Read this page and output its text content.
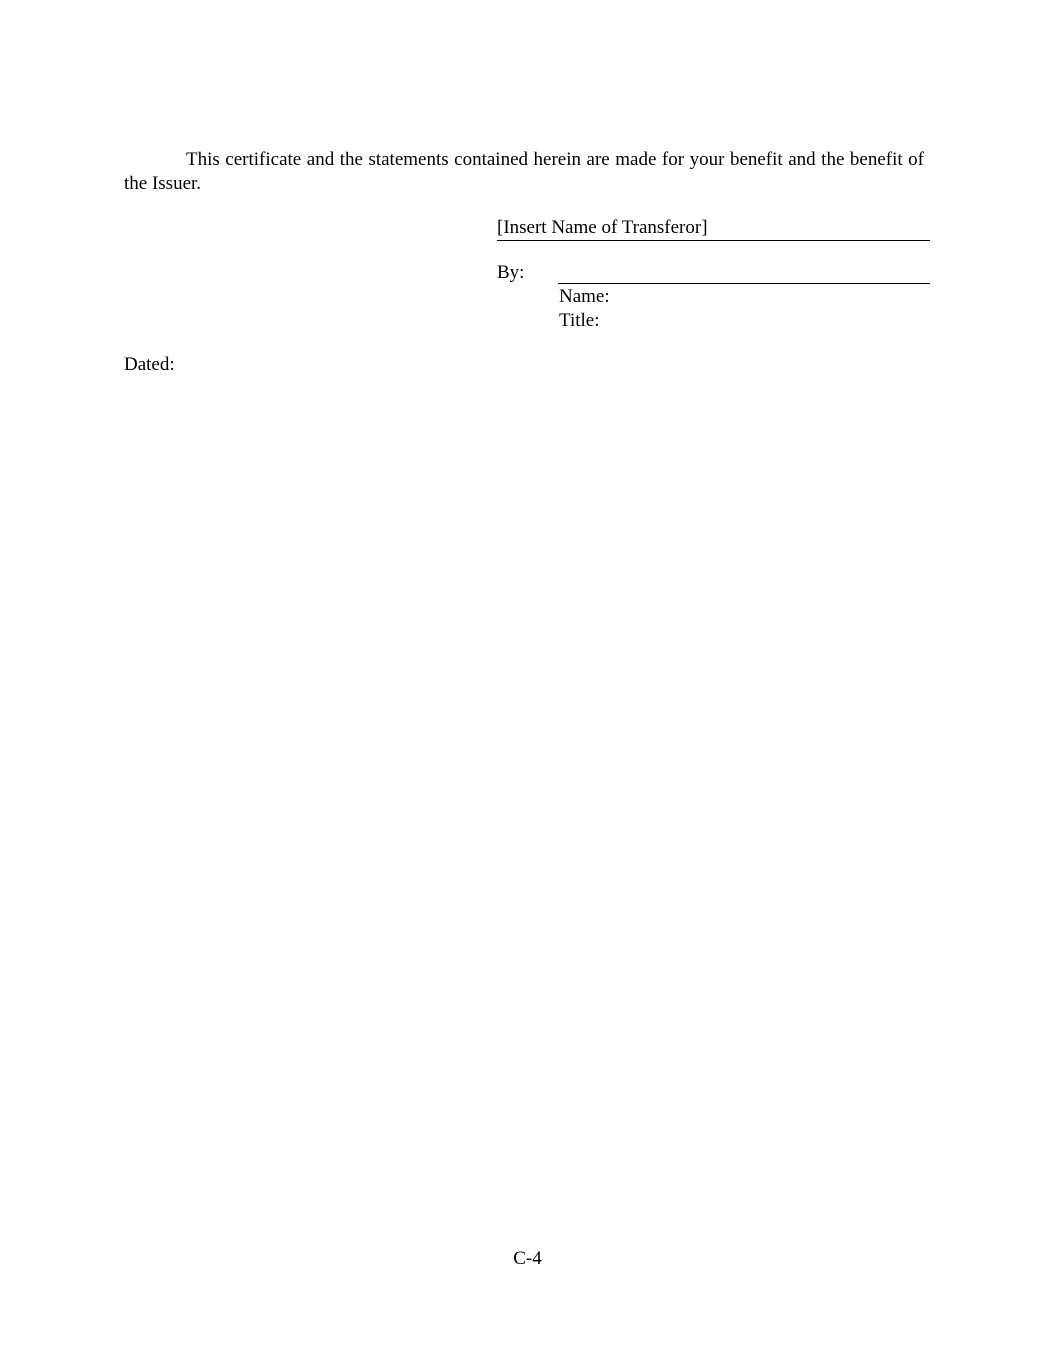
This certificate and the statements contained herein are made for your benefit and the benefit of the Issuer.

[Insert Name of Transferor]
By:
Name:
Title:
Dated:
C-4
